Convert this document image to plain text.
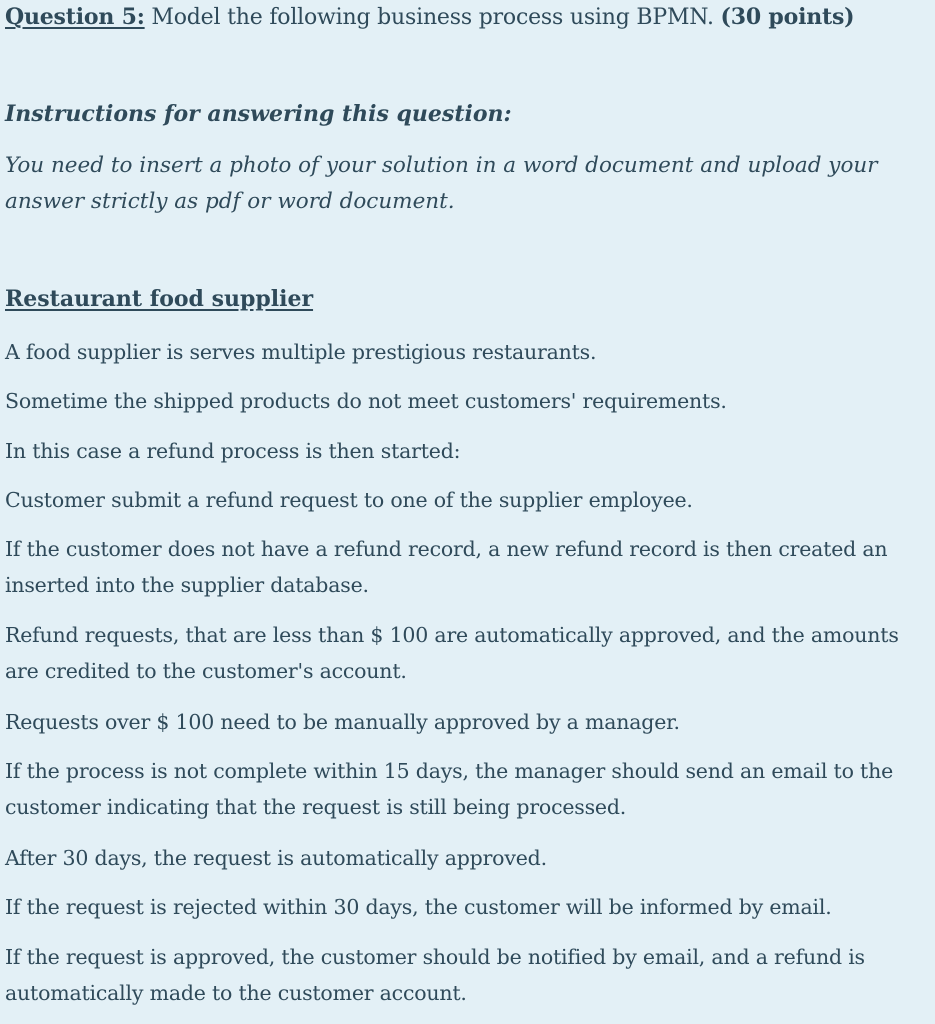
Question 5: Model the following business process using BPMN. (30 points)
Instructions for answering this question:
You need to insert a photo of your solution in a word document and upload your answer strictly as pdf or word document.
Restaurant food supplier
A food supplier is serves multiple prestigious restaurants.
Sometime the shipped products do not meet customers' requirements.
In this case a refund process is then started:
Customer submit a refund request to one of the supplier employee.
If the customer does not have a refund record, a new refund record is then created an inserted into the supplier database.
Refund requests, that are less than $ 100 are automatically approved, and the amounts are credited to the customer's account.
Requests over $ 100 need to be manually approved by a manager.
If the process is not complete within 15 days, the manager should send an email to the customer indicating that the request is still being processed.
After 30 days, the request is automatically approved.
If the request is rejected within 30 days, the customer will be informed by email.
If the request is approved, the customer should be notified by email, and a refund is automatically made to the customer account.
